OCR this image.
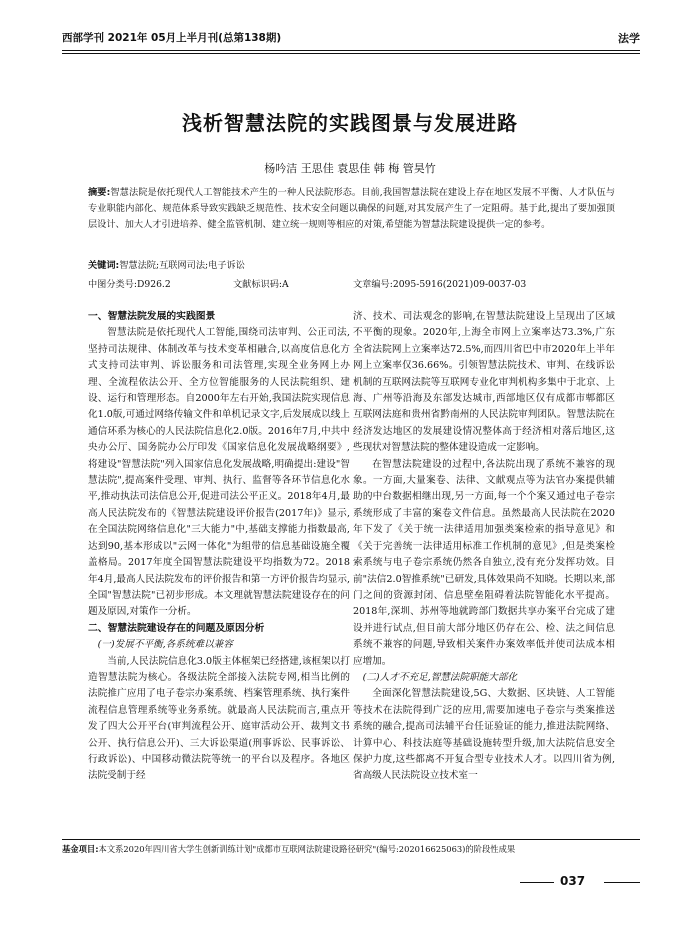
西部学刊 2021年 05月上半月刊(总第138期)	法学
浅析智慧法院的实践图景与发展进路
杨吟洁 王思佳 袁思佳 韩 梅 管昊竹
摘要:智慧法院是依托现代人工智能技术产生的一种人民法院形态。目前,我国智慧法院在建设上存在地区发展不平衡、人才队伍与专业职能内部化、规范体系导致实践缺乏规范性、技术安全问题以确保的问题,对其发展产生了一定阻碍。基于此,提出了要加强顶层设计、加大人才引进培养、健全监管机制、建立统一规则等相应的对策,希望能为智慧法院建设提供一定的参考。
关键词:智慧法院;互联网司法;电子诉讼
中图分类号:D926.2	文献标识码:A	文章编号:2095-5916(2021)09-0037-03
一、智慧法院发展的实践图景

智慧法院是依托现代人工智能,围绕司法审判、公正司法,坚持司法规律、体制改革与技术变革相融合,以高度信息化方式支持司法审判、诉讼服务和司法管理,实现全业务网上办理、全流程依法公开、全方位智能服务的人民法院组织、建设、运行和管理形态。自2000年左右开始,我国法院实现信息化1.0版,可通过网络传输文件和单机记录文字,后发展成以线上通信环系为核心的人民法院信息化2.0版。2016年7月,中共中央办公厅、国务院办公厅印发《国家信息化发展战略纲要》,将建设"智慧法院"列入国家信息化发展战略,明确提出:建设"智慧法院",提高案件受理、审判、执行、监督等各环节信息化水平,推动执法司法信息公开,促进司法公平正义。2018年4月,最高人民法院发布的《智慧法院建设评价报告(2017年)》显示,在全国法院网络信息化"三大能力"中,基础支撑能力指数最高,达到90,基本形成以"云网一体化"为组带的信息基础设施全覆盖格局。2017年度全国智慧法院建设平均指数为72。2018年4月,最高人民法院发布的评价报告和第一方评价报告均显示,全国"智慧法院"已初步形成。本文理就智慧法院建设存在的问题及原因,对策作一分析。

二、智慧法院建设存在的问题及原因分析
(一)发展不平衡,各系统难以兼容

当前,人民法院信息化3.0版主体框架已经搭建,该框架以打造智慧法院为核心。各级法院全部接入法院专网,相当比例的法院推广应用了电子卷宗办案系统、档案管理系统、执行案件流程信息管理系统等业务系统。就最高人民法院而言,重点开发了四大公开平台(审判流程公开、庭审活动公开、裁判文书公开、执行信息公开)、三大诉讼渠道(刑事诉讼、民事诉讼、行政诉讼)、中国移动微法院等统一的平台以及程序。各地区法院受制于经

济、技术、司法观念的影响,在智慧法院建设上呈现出了区域不平衡的现象。2020年,上海全市网上立案率达73.3%,广东全省法院网上立案率达72.5%,而四川省巴中市2020年上半年网上立案率仅36.66%。引领智慧法院技术、审判、在线诉讼机制的互联网法院等互联网专业化审判机构多集中于北京、上海、广州等沿海及东部发达城市,西部地区仅有成都市郫都区互联网法庭和贵州省黔南州的人民法院审判团队。智慧法院在经济发达地区的发展建设情况整体高于经济相对落后地区,这些现状对智慧法院的整体建设造成一定影响。

在智慧法院建设的过程中,各法院出现了系统不兼容的现象。一方面,大量案卷、法律、文献观点等为法官办案提供辅助的中台数据相继出现,另一方面,每一个个案又通过电子卷宗系统形成了丰富的案卷文件信息。虽然最高人民法院在2020年下发了《关于统一法律适用加强类案检索的指导意见》和《关于完善统一法律适用标准工作机制的意见》,但是类案检索系统与电子卷宗系统仍然各自独立,没有充分发挥功效。目前"法信2.0智推系统"已研发,具体效果尚不知晓。长期以来,部门之间的资源封闭、信息壁垒阻碍着法院智能化水平提高。2018年,深圳、苏州等地就跨部门数据共享办案平台完成了建设并进行试点,但目前大部分地区仍存在公、检、法之间信息系统不兼容的问题,导致相关案件办案效率低并使司法成本相应增加。

(二)人才不充足,智慧法院职能大部化

全面深化智慧法院建设,5G、大数据、区块链、人工智能等技术在法院得到广泛的应用,需要加速电子卷宗与类案推送系统的融合,提高司法辅平台任证验证的能力,推进法院网络、计算中心、科技法庭等基础设施转型升级,加大法院信息安全保护力度,这些都离不开复合型专业技术人才。以四川省为例,省高级人民法院设立技术室一

基金项目:本文系2020年四川省大学生创新训练计划"成都市互联网法院建设路径研究"(编号:202016625063)的阶段性成果
037
